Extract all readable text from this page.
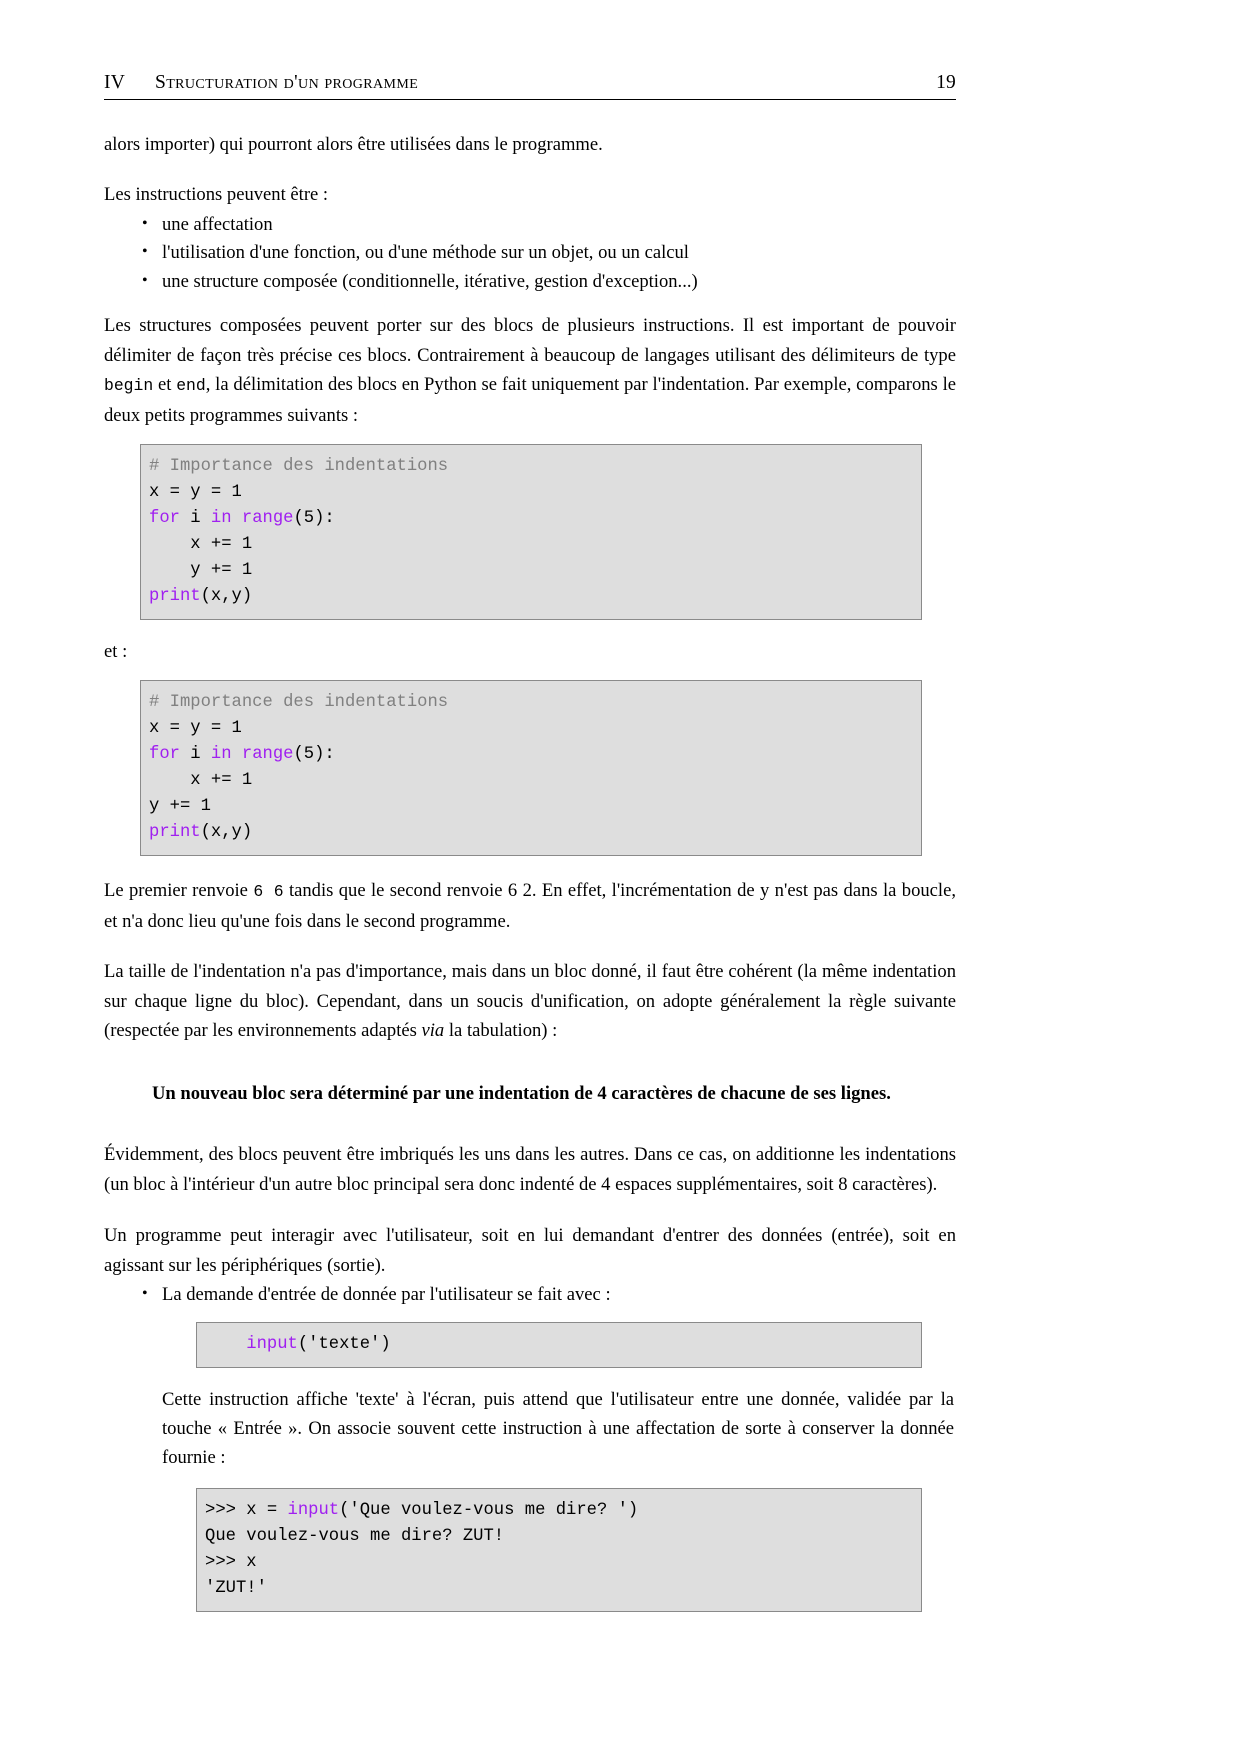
IV Structuration d'un programme	19

alors importer) qui pourront alors être utilisées dans le programme.

Les instructions peuvent être :

• une affectation
• l'utilisation d'une fonction, ou d'une méthode sur un objet, ou un calcul
• une structure composée (conditionnelle, itérative, gestion d'exception...)

Les structures composées peuvent porter sur des blocs de plusieurs instructions. Il est important de pouvoir délimiter de façon très précise ces blocs. Contrairement à beaucoup de langages utilisant des délimiteurs de type begin et end, la délimitation des blocs en Python se fait uniquement par l'indentation. Par exemple, comparons le deux petits programmes suivants :

# Importance des indentations
x = y = 1
for i in range(5):
x += 1
y += 1
print(x,y)

et :

# Importance des indentations
x = y = 1
for i in range(5):
x += 1
y += 1
print(x,y)

Le premier renvoie 6 6 tandis que le second renvoie 6 2. En effet, l'incrémentation de y n'est pas dans la boucle, et n'a donc lieu qu'une fois dans le second programme.

La taille de l'indentation n'a pas d'importance, mais dans un bloc donné, il faut être cohérent (la même indentation sur chaque ligne du bloc). Cependant, dans un soucis d'unification, on adopte généralement la règle suivante (respectée par les environnements adaptés via la tabulation) :

Un nouveau bloc sera déterminé par une indentation de 4 caractères de chacune de ses lignes.

Évidemment, des blocs peuvent être imbriqués les uns dans les autres. Dans ce cas, on additionne les indentations (un bloc à l'intérieur d'un autre bloc principal sera donc indenté de 4 espaces supplémentaires, soit 8 caractères).

Un programme peut interagir avec l'utilisateur, soit en lui demandant d'entrer des données (entrée), soit en agissant sur les périphériques (sortie).

• La demande d'entrée de donnée par l'utilisateur se fait avec :
input('texte')
Cette instruction affiche 'texte' à l'écran, puis attend que l'utilisateur entre une donnée, validée par la touche « Entrée ». On associe souvent cette instruction à une affectation de sorte à conserver la donnée fournie :
>>> x = input('Que voulez-vous me dire? ')
Que voulez-vous me dire? ZUT!
>>> x
'ZUT!'
